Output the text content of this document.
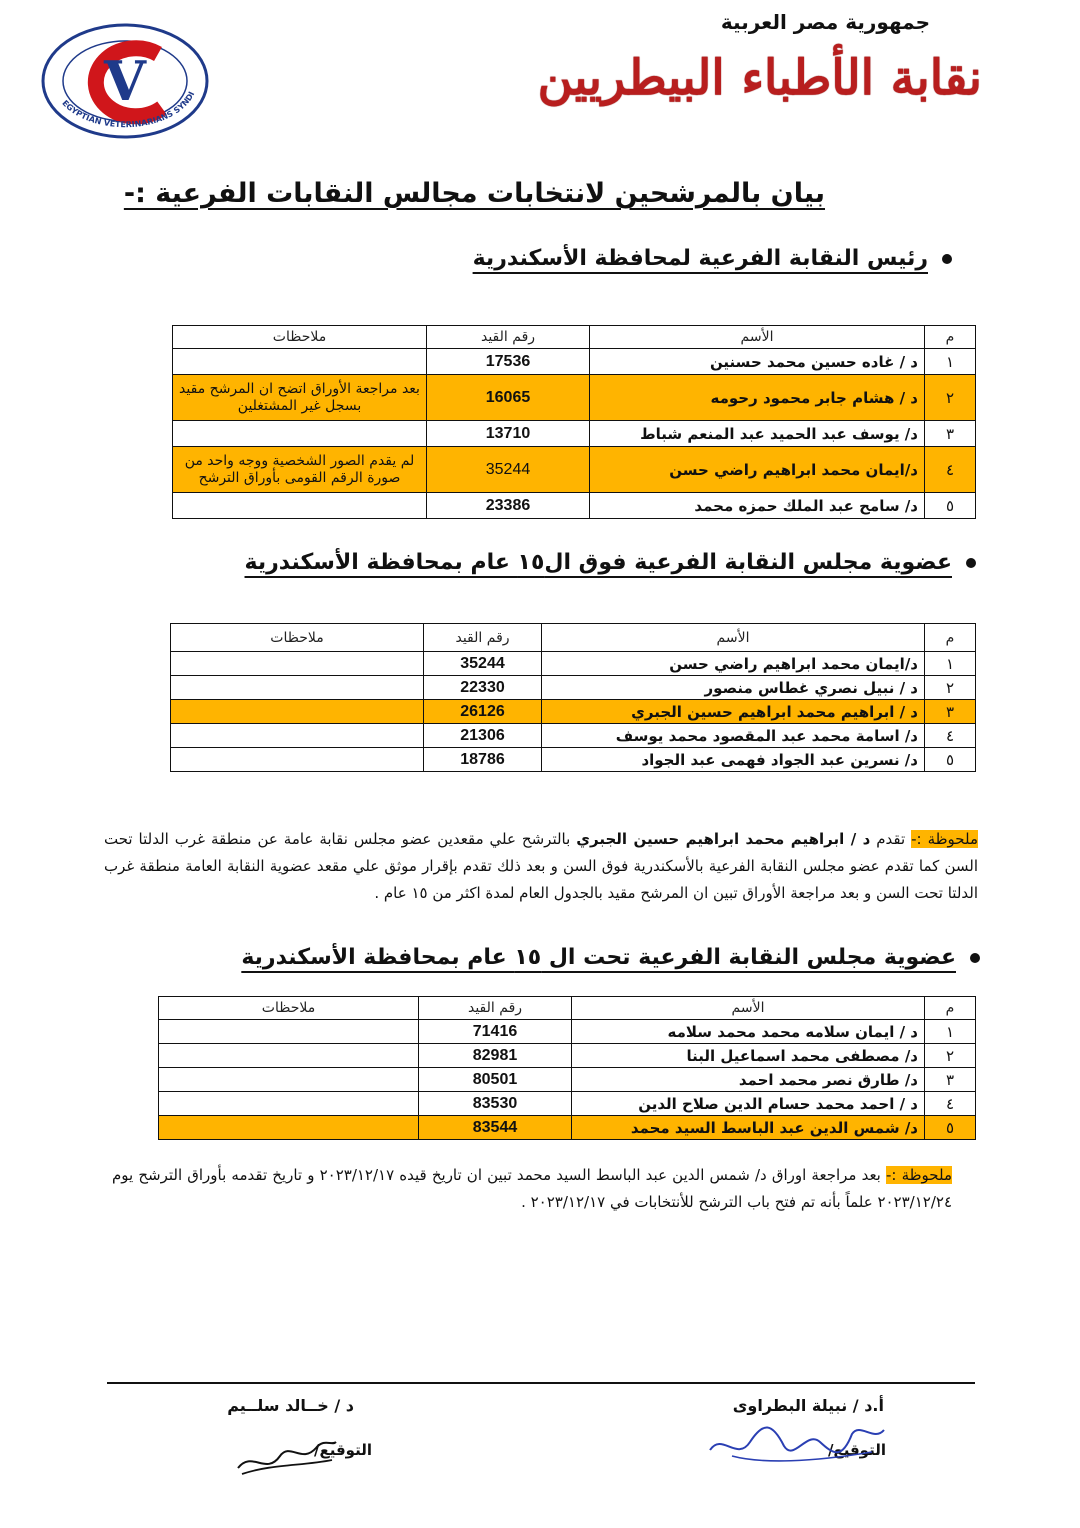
V
EGYPTIAN VETERINARIANS SYNDI
جمهورية مصر العربية
نقابة الأطباء البيطريين
بيان بالمرشحين لانتخابات مجالس النقابات الفرعية :-
رئيس النقابة الفرعية لمحافظة الأسكندرية
م	الأسم	رقم القيد	ملاحظات
١	د / غاده حسين محمد حسنين	17536	
٢	د / هشام جابر محمود رحومه	16065	بعد مراجعة الأوراق اتضح ان المرشح مقيد بسجل غير المشتغلين
٣	د/ يوسف عبد الحميد عبد المنعم شباط	13710	
٤	د/ايمان محمد ابراهيم راضي حسن	35244	لم يقدم الصور الشخصية ووجه واحد من صورة الرقم القومى بأوراق الترشح
٥	د/ سامح عبد الملك حمزه محمد	23386	
عضوية مجلس النقابة الفرعية فوق ال١٥ عام بمحافظة الأسكندرية
م	الأسم	رقم القيد	ملاحظات
١	د/ايمان محمد ابراهيم راضي حسن	35244	
٢	د / نبيل نصري غطاس منصور	22330	
٣	د / ابراهيم محمد ابراهيم حسين الجبري	26126	
٤	د/ اسامة محمد عبد المقصود محمد يوسف	21306	
٥	د/ نسرين عبد الجواد فهمى عبد الجواد	18786	
ملحوظة :- تقدم د / ابراهيم محمد ابراهيم حسين الجبري بالترشح علي مقعدين عضو مجلس نقابة عامة عن منطقة غرب الدلتا تحت السن كما تقدم عضو مجلس النقابة الفرعية بالأسكندرية فوق السن و بعد ذلك تقدم بإقرار موثق علي مقعد عضوية النقابة العامة منطقة غرب الدلتا تحت السن و بعد مراجعة الأوراق تبين ان المرشح مقيد بالجدول العام لمدة اكثر من ١٥ عام .
عضوية مجلس النقابة الفرعية تحت ال ١٥ عام بمحافظة الأسكندرية
م	الأسم	رقم القيد	ملاحظات
١	د / ايمان سلامه محمد محمد سلامه	71416	
٢	د/ مصطفى محمد اسماعيل البنا	82981	
٣	د/ طارق نصر محمد احمد	80501	
٤	د / احمد محمد حسام الدين صلاح الدين	83530	
٥	د/ شمس الدين عبد الباسط السيد محمد	83544	
ملحوظة :- بعد مراجعة اوراق د/ شمس الدين عبد الباسط السيد محمد تبين ان تاريخ قيده ٢٠٢٣/١٢/١٧ و تاريخ تقدمه بأوراق الترشح يوم ٢٠٢٣/١٢/٢٤ علماً بأنه تم فتح باب الترشح للأنتخابات في ٢٠٢٣/١٢/١٧ .
أ.د / نبيلة البطراوى
التوقيع/
د / خــالد سلــيم
التوقيع/
